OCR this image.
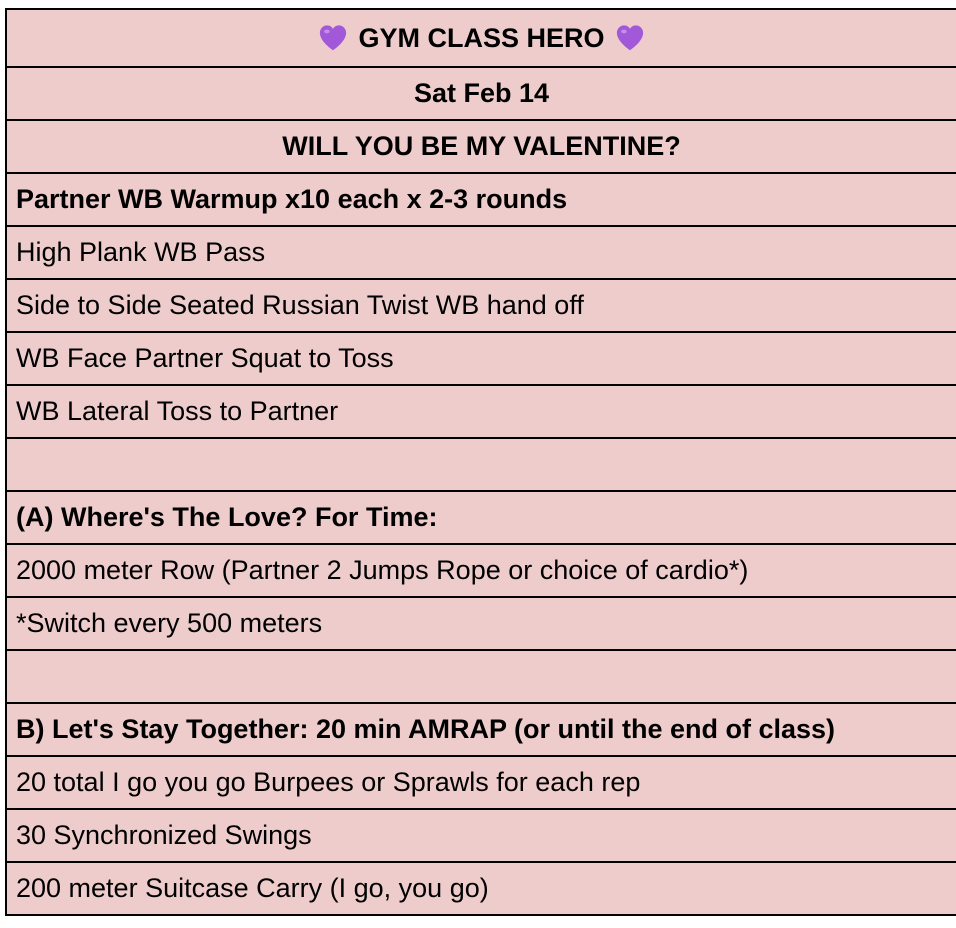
GYM CLASS HERO
Sat Feb 14
WILL YOU BE MY VALENTINE?
Partner WB Warmup x10 each x 2-3 rounds
High Plank WB Pass
Side to Side Seated Russian Twist WB hand off
WB Face Partner Squat to Toss
WB Lateral Toss to Partner
(A) Where's The Love? For Time:
2000 meter Row (Partner 2 Jumps Rope or choice of cardio*)
*Switch every 500 meters
B) Let's Stay Together: 20 min AMRAP (or until the end of class)
20 total I go you go Burpees or Sprawls for each rep
30 Synchronized Swings
200 meter Suitcase Carry (I go, you go)
